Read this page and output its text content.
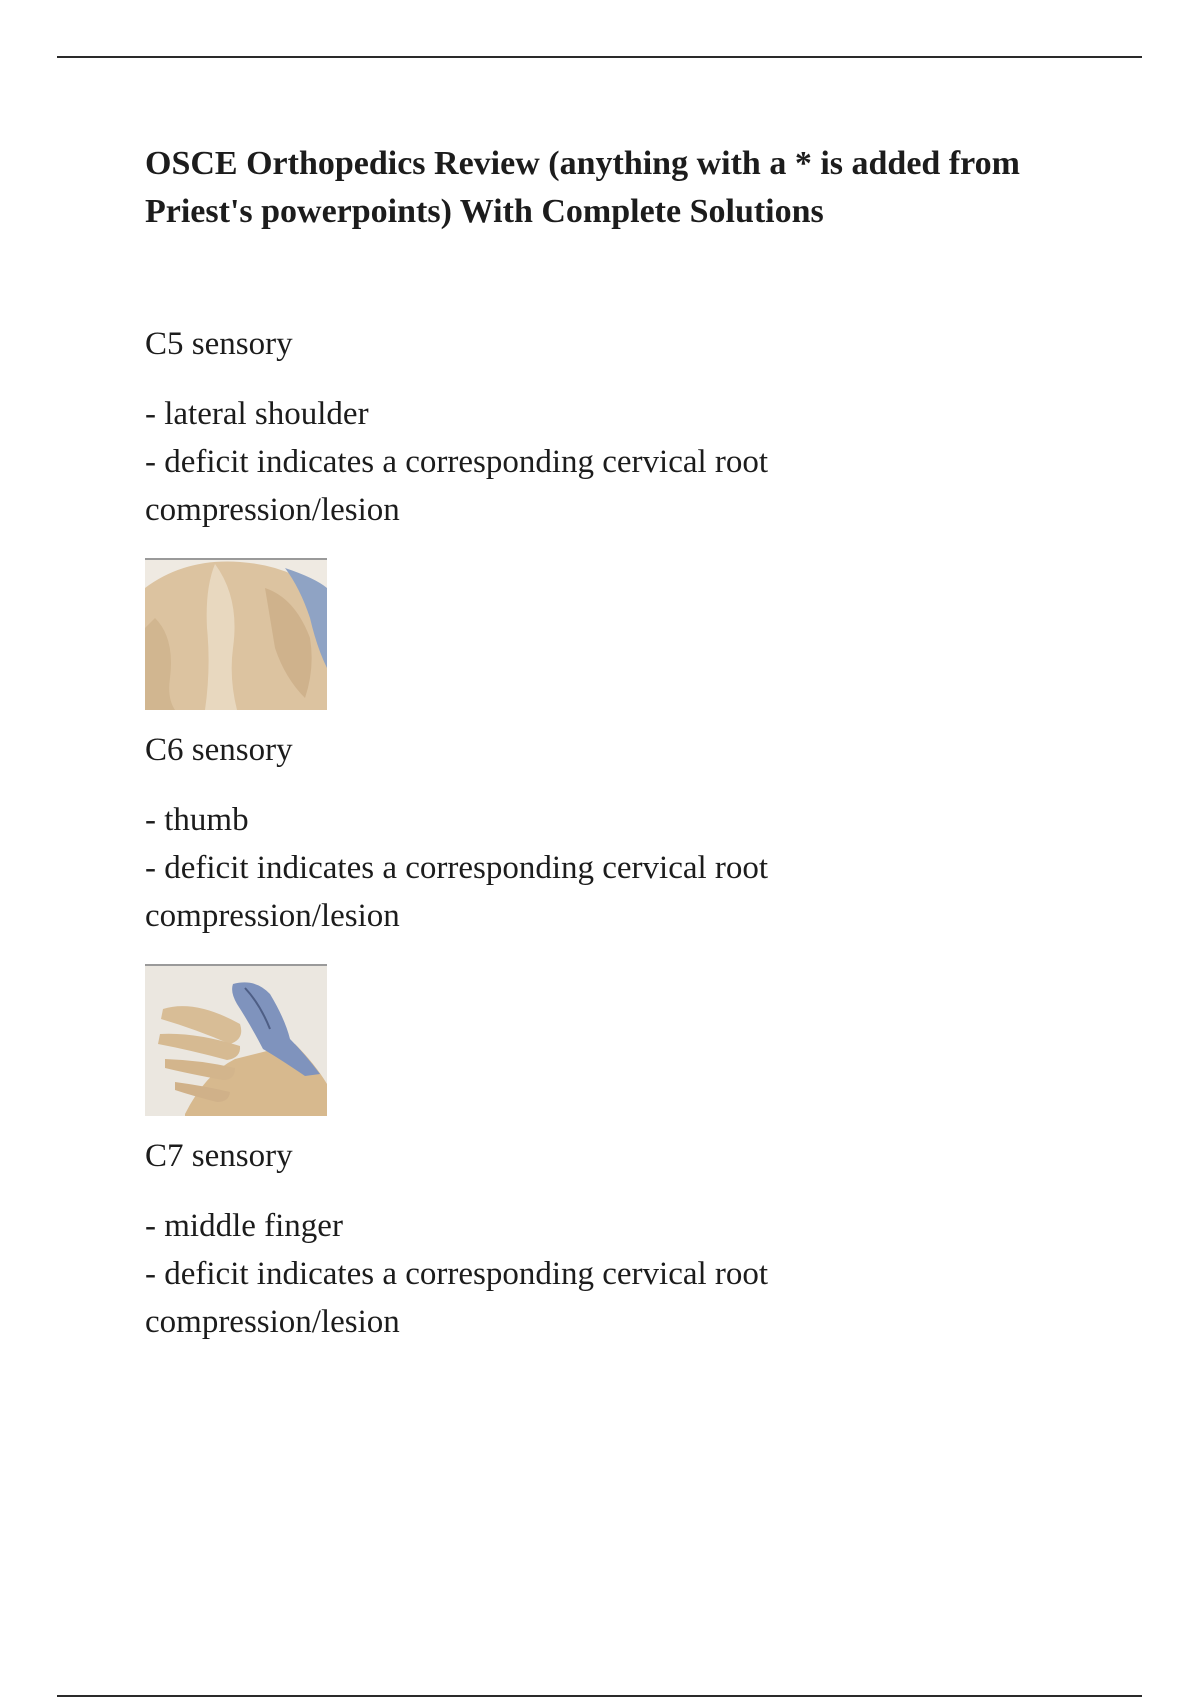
OSCE Orthopedics Review (anything with a * is added from Priest's powerpoints) With Complete Solutions

C5 sensory

- lateral shoulder
- deficit indicates a corresponding cervical root
compression/lesion

C6 sensory

- thumb
- deficit indicates a corresponding cervical root
compression/lesion

C7 sensory

- middle finger
- deficit indicates a corresponding cervical root
compression/lesion
